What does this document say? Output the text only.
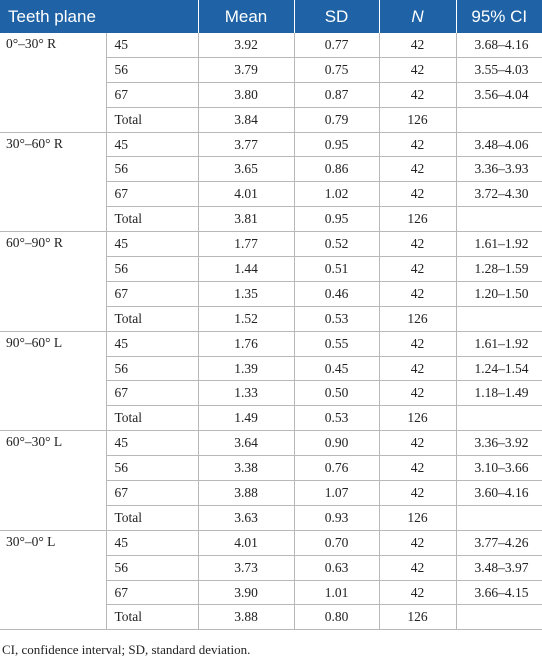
Teeth plane		Mean	SD	N	95% CI
0°–30° R	45	3.92	0.77	42	3.68–4.16
	56	3.79	0.75	42	3.55–4.03
	67	3.80	0.87	42	3.56–4.04
	Total	3.84	0.79	126	
30°–60° R	45	3.77	0.95	42	3.48–4.06
	56	3.65	0.86	42	3.36–3.93
	67	4.01	1.02	42	3.72–4.30
	Total	3.81	0.95	126	
60°–90° R	45	1.77	0.52	42	1.61–1.92
	56	1.44	0.51	42	1.28–1.59
	67	1.35	0.46	42	1.20–1.50
	Total	1.52	0.53	126	
90°–60° L	45	1.76	0.55	42	1.61–1.92
	56	1.39	0.45	42	1.24–1.54
	67	1.33	0.50	42	1.18–1.49
	Total	1.49	0.53	126	
60°–30° L	45	3.64	0.90	42	3.36–3.92
	56	3.38	0.76	42	3.10–3.66
	67	3.88	1.07	42	3.60–4.16
	Total	3.63	0.93	126	
30°–0° L	45	4.01	0.70	42	3.77–4.26
	56	3.73	0.63	42	3.48–3.97
	67	3.90	1.01	42	3.66–4.15
	Total	3.88	0.80	126	
CI, confidence interval; SD, standard deviation.
